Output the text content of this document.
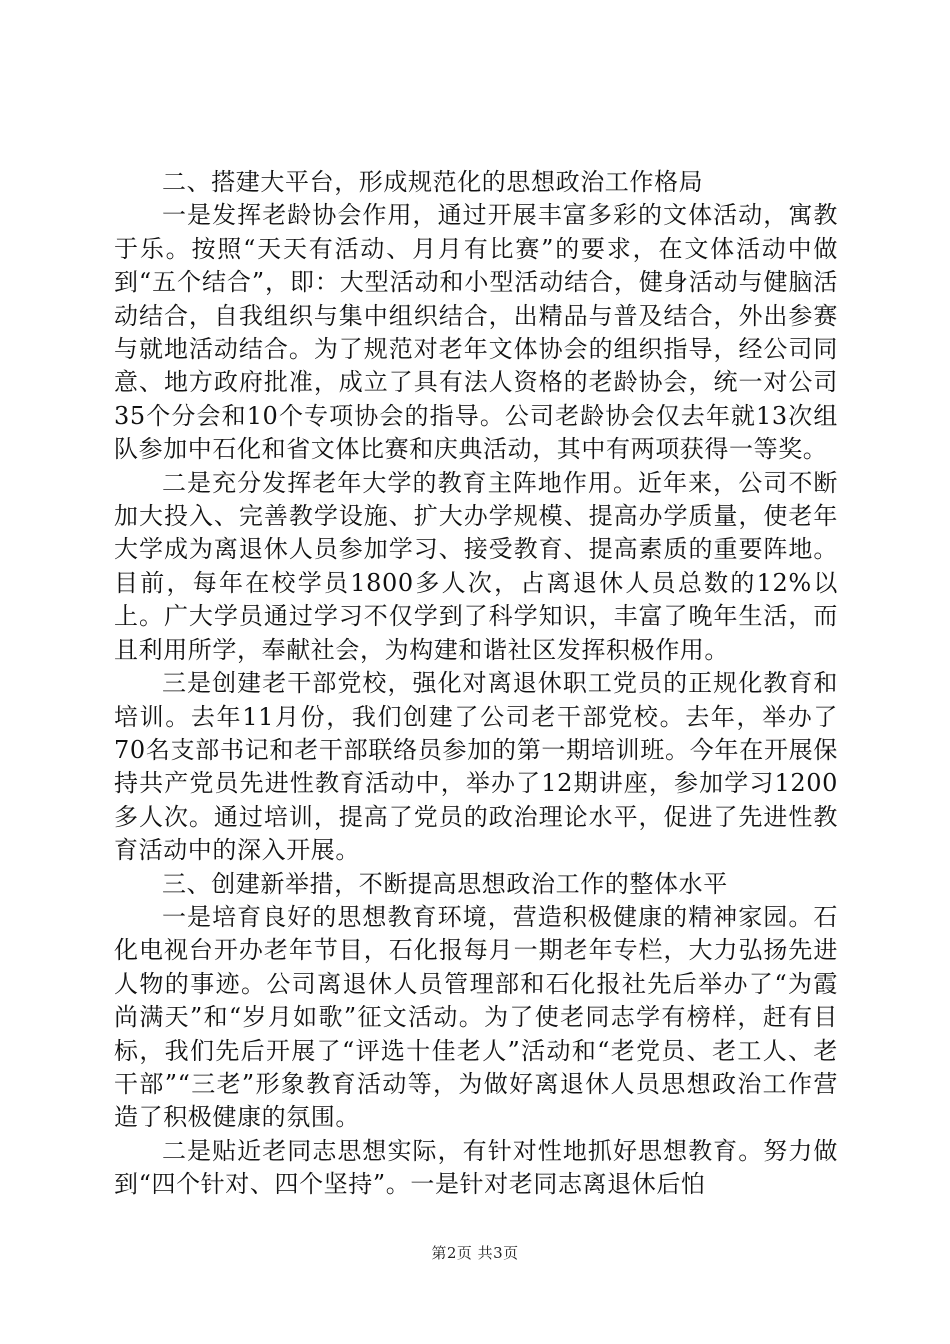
二、搭建大平台，形成规范化的思想政治工作格局

一是发挥老龄协会作用，通过开展丰富多彩的文体活动，寓教于乐。按照“天天有活动、月月有比赛”的要求，在文体活动中做到“五个结合”，即：大型活动和小型活动结合，健身活动与健脑活动结合，自我组织与集中组织结合，出精品与普及结合，外出参赛与就地活动结合。为了规范对老年文体协会的组织指导，经公司同意、地方政府批准，成立了具有法人资格的老龄协会，统一对公司35个分会和10个专项协会的指导。公司老龄协会仅去年就13次组队参加中石化和省文体比赛和庆典活动，其中有两项获得一等奖。

二是充分发挥老年大学的教育主阵地作用。近年来，公司不断加大投入、完善教学设施、扩大办学规模、提高办学质量，使老年大学成为离退休人员参加学习、接受教育、提高素质的重要阵地。目前，每年在校学员1800多人次，占离退休人员总数的12%以上。广大学员通过学习不仅学到了科学知识，丰富了晚年生活，而且利用所学，奉献社会，为构建和谐社区发挥积极作用。

三是创建老干部党校，强化对离退休职工党员的正规化教育和培训。去年11月份，我们创建了公司老干部党校。去年，举办了70名支部书记和老干部联络员参加的第一期培训班。今年在开展保持共产党员先进性教育活动中，举办了12期讲座，参加学习1200多人次。通过培训，提高了党员的政治理论水平，促进了先进性教育活动中的深入开展。

三、创建新举措，不断提高思想政治工作的整体水平

一是培育良好的思想教育环境，营造积极健康的精神家园。石化电视台开办老年节目，石化报每月一期老年专栏，大力弘扬先进人物的事迹。公司离退休人员管理部和石化报社先后举办了“为霞尚满天”和“岁月如歌”征文活动。为了使老同志学有榜样，赶有目标，我们先后开展了“评选十佳老人”活动和“老党员、老工人、老干部”“三老”形象教育活动等，为做好离退休人员思想政治工作营造了积极健康的氛围。

二是贴近老同志思想实际，有针对性地抓好思想教育。努力做到“四个针对、四个坚持”。一是针对老同志离退休后怕

第2页 共3页
